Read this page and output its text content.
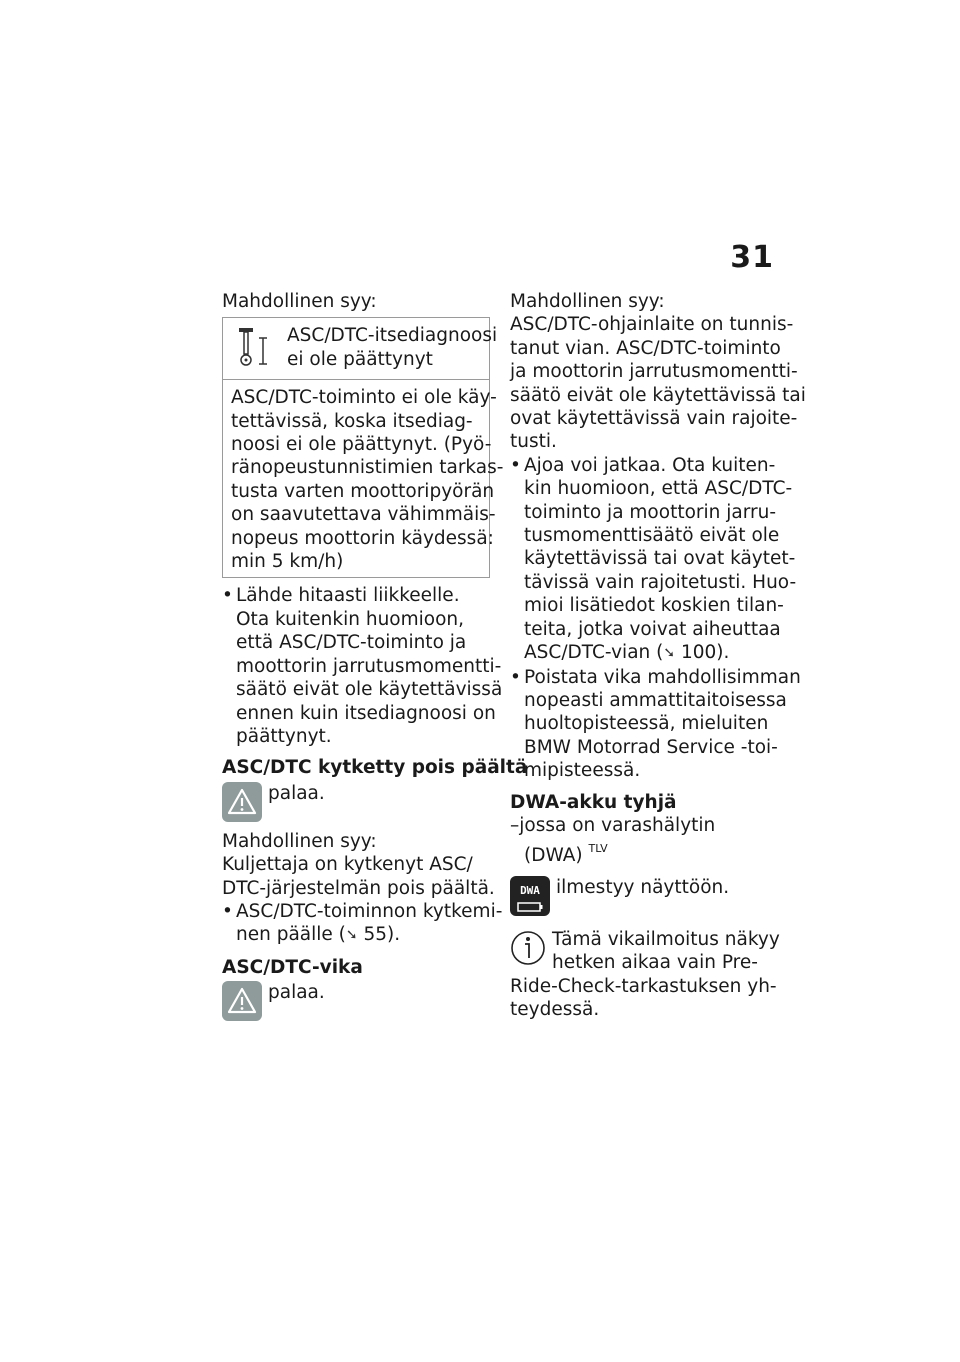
31
Mahdollinen syy:
ASC/DTC-itsediagnoosi
ei ole päättynyt
ASC/DTC-toiminto ei ole käy-
tettävissä, koska itsediag-
noosi ei ole päättynyt. (Pyö-
ränopeustunnistimien tarkas-
tusta varten moottoripyörän
on saavutettava vähimmäis-
nopeus moottorin käydessä:
min 5 km/h)
• Lähde hitaasti liikkeelle.
Ota kuitenkin huomioon,
että ASC/DTC-toiminto ja
moottorin jarrutusmomentti-
säätö eivät ole käytettävissä
ennen kuin itsediagnoosi on
päättynyt.
ASC/DTC kytketty pois päältä
palaa.
Mahdollinen syy:
Kuljettaja on kytkenyt ASC/
DTC-järjestelmän pois päältä.
• ASC/DTC-toiminnon kytkemi-
nen päälle (➘ 55).
ASC/DTC-vika
palaa.
Mahdollinen syy:
ASC/DTC-ohjainlaite on tunnis-
tanut vian. ASC/DTC-toiminto
ja moottorin jarrutusmomentti-
säätö eivät ole käytettävissä tai
ovat käytettävissä vain rajoite-
tusti.
• Ajoa voi jatkaa. Ota kuiten-
kin huomioon, että ASC/DTC-
toiminto ja moottorin jarru-
tusmomenttisäätö eivät ole
käytettävissä tai ovat käytet-
tävissä vain rajoitetusti. Huo-
mioi lisätiedot koskien tilan-
teita, jotka voivat aiheuttaa
ASC/DTC-vian (➘ 100).
• Poistata vika mahdollisimman
nopeasti ammattitaitoisessa
huoltopisteessä, mieluiten
BMW Motorrad Service -toi-
mipisteessä.
DWA-akku tyhjä
–jossa on varashälytin
(DWA) $^{TLV}$
DWA ilmestyy näyttöön.
Tämä vikailmoitus näkyy
hetken aikaa vain Pre-
Ride-Check-tarkastuksen yh-
teydessä.
